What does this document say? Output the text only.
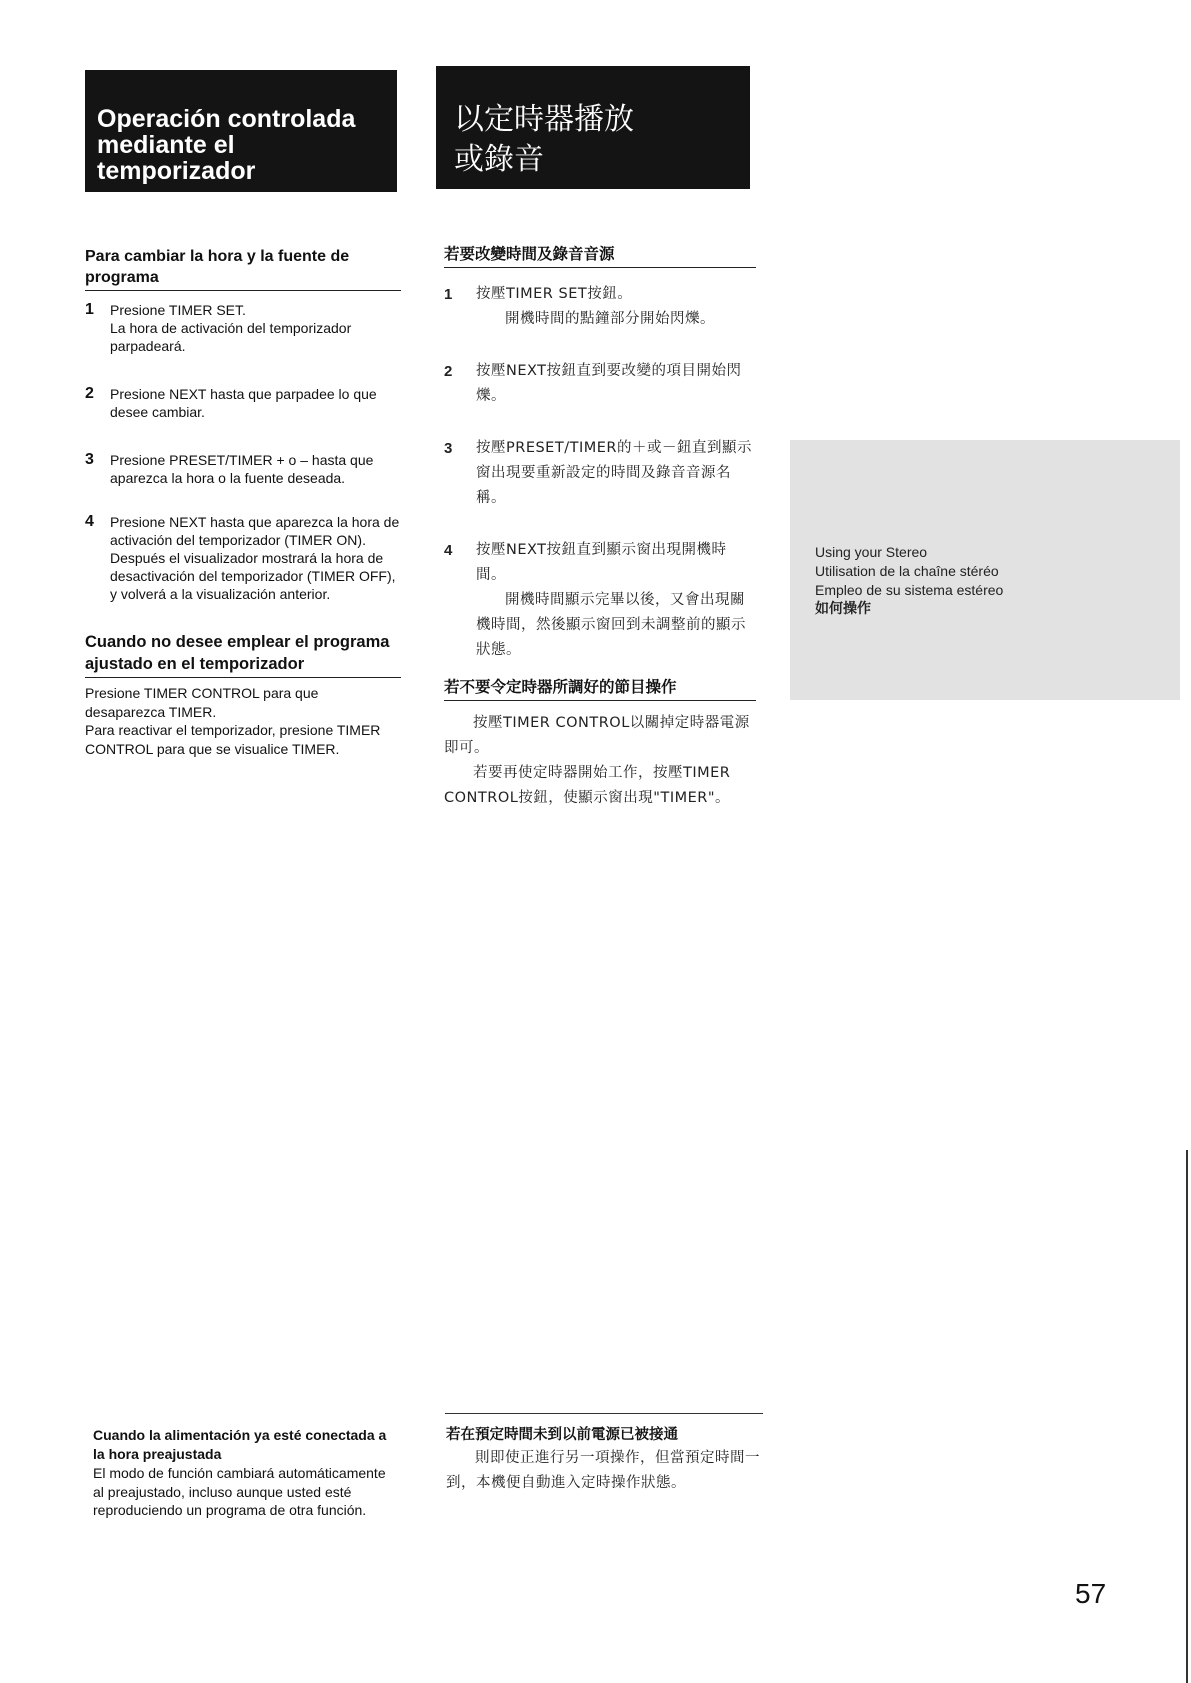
Operación controlada
mediante el
temporizador
以定時器播放
或錄音
Para cambiar la hora y la fuente de programa
1	Presione TIMER SET.
La hora de activación del temporizador parpadeará.
2	Presione NEXT hasta que parpadee lo que desee cambiar.
3	Presione PRESET/TIMER + o – hasta que aparezca la hora o la fuente deseada.
4	Presione NEXT hasta que aparezca la hora de activación del temporizador (TIMER ON).
Después el visualizador mostrará la hora de desactivación del temporizador (TIMER OFF), y volverá a la visualización anterior.
Cuando no desee emplear el programa ajustado en el temporizador
Presione TIMER CONTROL para que desaparezca TIMER.
Para reactivar el temporizador, presione TIMER CONTROL para que se visualice TIMER.
若要改變時間及錄音音源
1	按壓TIMER SET按鈕。
開機時間的點鐘部分開始閃爍。
2	按壓NEXT按鈕直到要改變的項目開始閃爍。
3	按壓PRESET/TIMER的＋或－鈕直到顯示窗出現要重新設定的時間及錄音音源名稱。
4	按壓NEXT按鈕直到顯示窗出現開機時間。
開機時間顯示完畢以後，又會出現關機時間，然後顯示窗回到未調整前的顯示狀態。
若不要令定時器所調好的節目操作
按壓TIMER CONTROL以關掉定時器電源即可。
若要再使定時器開始工作，按壓TIMER CONTROL按鈕，使顯示窗出現"TIMER"。
Using your Stereo
Utilisation de la chaîne stéréo
Empleo de su sistema estéreo
如何操作
Cuando la alimentación ya esté conectada a la hora preajustada
El modo de función cambiará automáticamente al preajustado, incluso aunque usted esté reproduciendo un programa de otra función.
若在預定時間未到以前電源已被接通
則即使正進行另一項操作，但當預定時間一到，本機便自動進入定時操作狀態。
57
